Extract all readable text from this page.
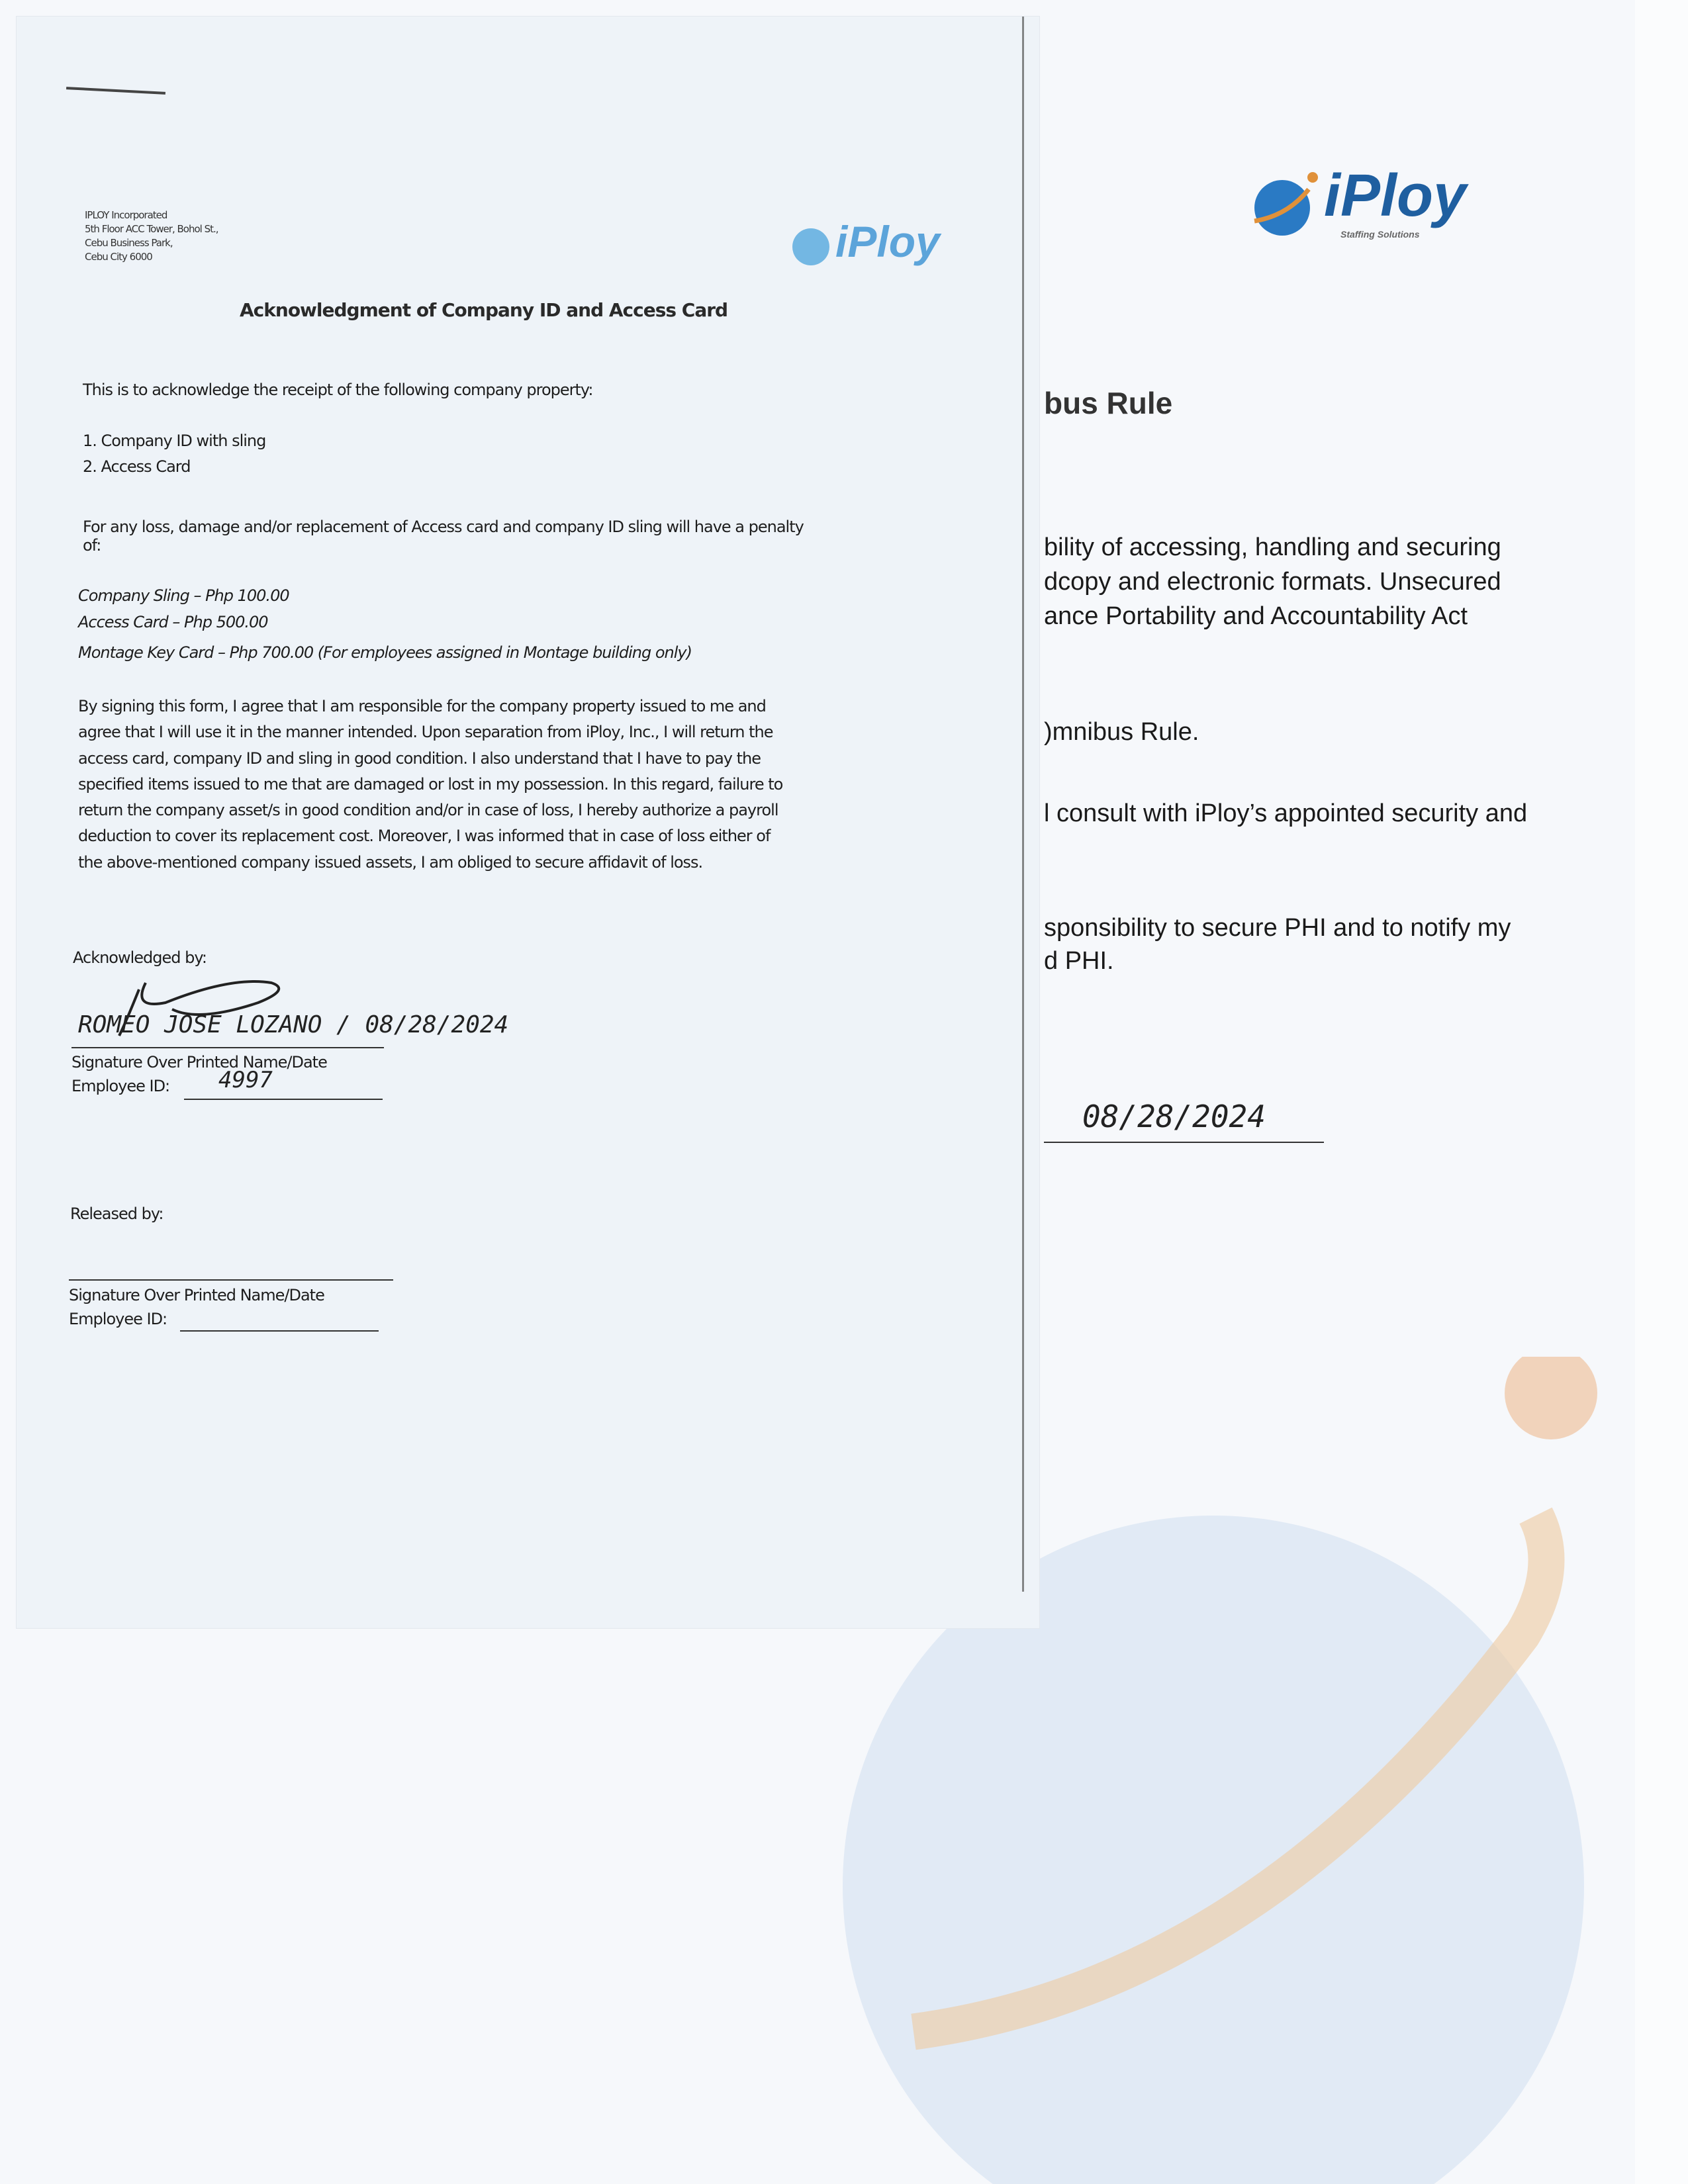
iPloy
Staffing Solutions
bus Rule
bility of accessing, handling and securing
dcopy and electronic formats. Unsecured
ance Portability and Accountability Act
)mnibus Rule.
l consult with iPloy’s appointed security and
sponsibility to secure PHI and to notify my
d PHI.
08/28/2024
IPLOY Incorporated
5th Floor ACC Tower, Bohol St.,
Cebu Business Park,
Cebu City 6000	iPloy
Acknowledgment of Company ID and Access Card
This is to acknowledge the receipt of the following company property:
1. Company ID with sling
2. Access Card
For any loss, damage and/or replacement of Access card and company ID sling will have a penalty
of:
Company Sling – Php 100.00
Access Card – Php 500.00
Montage Key Card – Php 700.00 (For employees assigned in Montage building only)
By signing this form, I agree that I am responsible for the company property issued to me and
agree that I will use it in the manner intended. Upon separation from iPloy, Inc., I will return the
access card, company ID and sling in good condition. I also understand that I have to pay the
specified items issued to me that are damaged or lost in my possession. In this regard, failure to
return the company asset/s in good condition and/or in case of loss, I hereby authorize a payroll
deduction to cover its replacement cost. Moreover, I was informed that in case of loss either of
the above-mentioned company issued assets, I am obliged to secure affidavit of loss.
Acknowledged by:
ROMEO JOSE LOZANO / 08/28/2024
Signature Over Printed Name/Date
Employee ID: 4997
Released by:
Signature Over Printed Name/Date
Employee ID:
